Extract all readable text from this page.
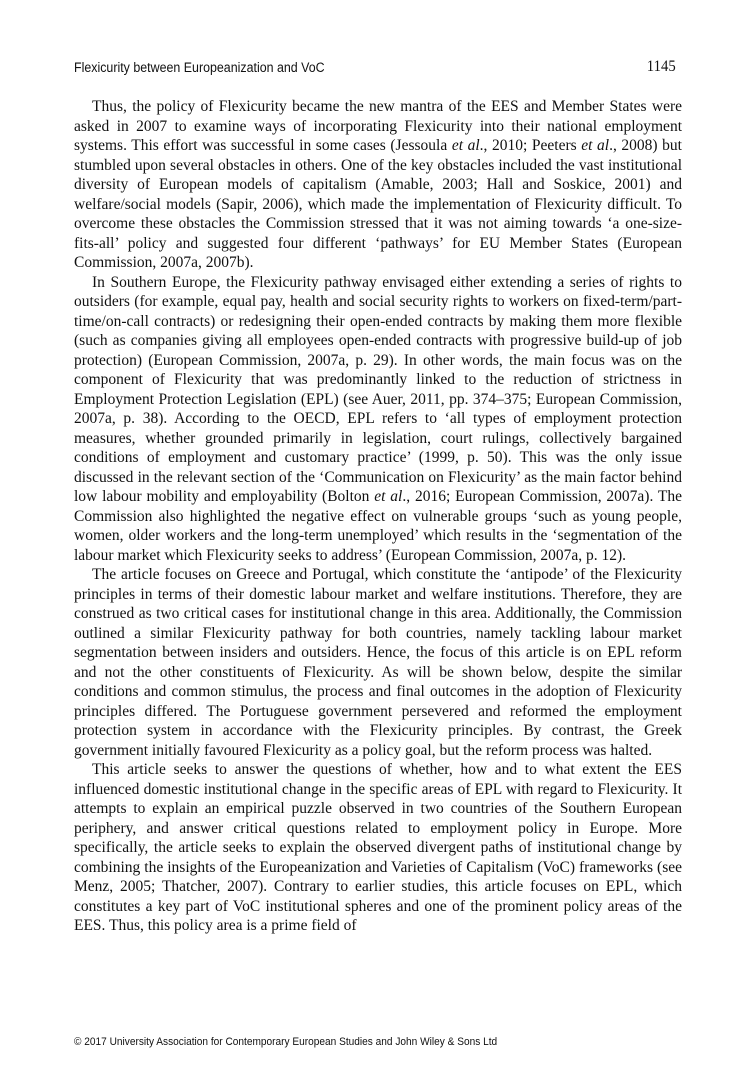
Flexicurity between Europeanization and VoC	1145

Thus, the policy of Flexicurity became the new mantra of the EES and Member States were asked in 2007 to examine ways of incorporating Flexicurity into their national employment systems. This effort was successful in some cases (Jessoula et al., 2010; Peeters et al., 2008) but stumbled upon several obstacles in others. One of the key obstacles included the vast institutional diversity of European models of capitalism (Amable, 2003; Hall and Soskice, 2001) and welfare/social models (Sapir, 2006), which made the implementation of Flexicurity difficult. To overcome these obstacles the Commission stressed that it was not aiming towards ‘a one-size-fits-all’ policy and suggested four different ‘pathways’ for EU Member States (European Commission, 2007a, 2007b).

In Southern Europe, the Flexicurity pathway envisaged either extending a series of rights to outsiders (for example, equal pay, health and social security rights to workers on fixed-term/part-time/on-call contracts) or redesigning their open-ended contracts by making them more flexible (such as companies giving all employees open-ended contracts with progressive build-up of job protection) (European Commission, 2007a, p. 29). In other words, the main focus was on the component of Flexicurity that was predominantly linked to the reduction of strictness in Employment Protection Legislation (EPL) (see Auer, 2011, pp. 374–375; European Commission, 2007a, p. 38). According to the OECD, EPL refers to ‘all types of employment protection measures, whether grounded primarily in legislation, court rulings, collectively bargained conditions of employment and customary practice’ (1999, p. 50). This was the only issue discussed in the relevant section of the ‘Communication on Flexicurity’ as the main factor behind low labour mobility and employability (Bolton et al., 2016; European Commission, 2007a). The Commission also highlighted the negative effect on vulnerable groups ‘such as young people, women, older workers and the long-term unemployed’ which results in the ‘segmentation of the labour market which Flexicurity seeks to address’ (European Commission, 2007a, p. 12).

The article focuses on Greece and Portugal, which constitute the ‘antipode’ of the Flexicurity principles in terms of their domestic labour market and welfare institutions. Therefore, they are construed as two critical cases for institutional change in this area. Additionally, the Commission outlined a similar Flexicurity pathway for both countries, namely tackling labour market segmentation between insiders and outsiders. Hence, the focus of this article is on EPL reform and not the other constituents of Flexicurity. As will be shown below, despite the similar conditions and common stimulus, the process and final outcomes in the adoption of Flexicurity principles differed. The Portuguese government persevered and reformed the employment protection system in accordance with the Flexicurity principles. By contrast, the Greek government initially favoured Flexicurity as a policy goal, but the reform process was halted.

This article seeks to answer the questions of whether, how and to what extent the EES influenced domestic institutional change in the specific areas of EPL with regard to Flexicurity. It attempts to explain an empirical puzzle observed in two countries of the Southern European periphery, and answer critical questions related to employment policy in Europe. More specifically, the article seeks to explain the observed divergent paths of institutional change by combining the insights of the Europeanization and Varieties of Capitalism (VoC) frameworks (see Menz, 2005; Thatcher, 2007). Contrary to earlier studies, this article focuses on EPL, which constitutes a key part of VoC institutional spheres and one of the prominent policy areas of the EES. Thus, this policy area is a prime field of

© 2017 University Association for Contemporary European Studies and John Wiley & Sons Ltd
